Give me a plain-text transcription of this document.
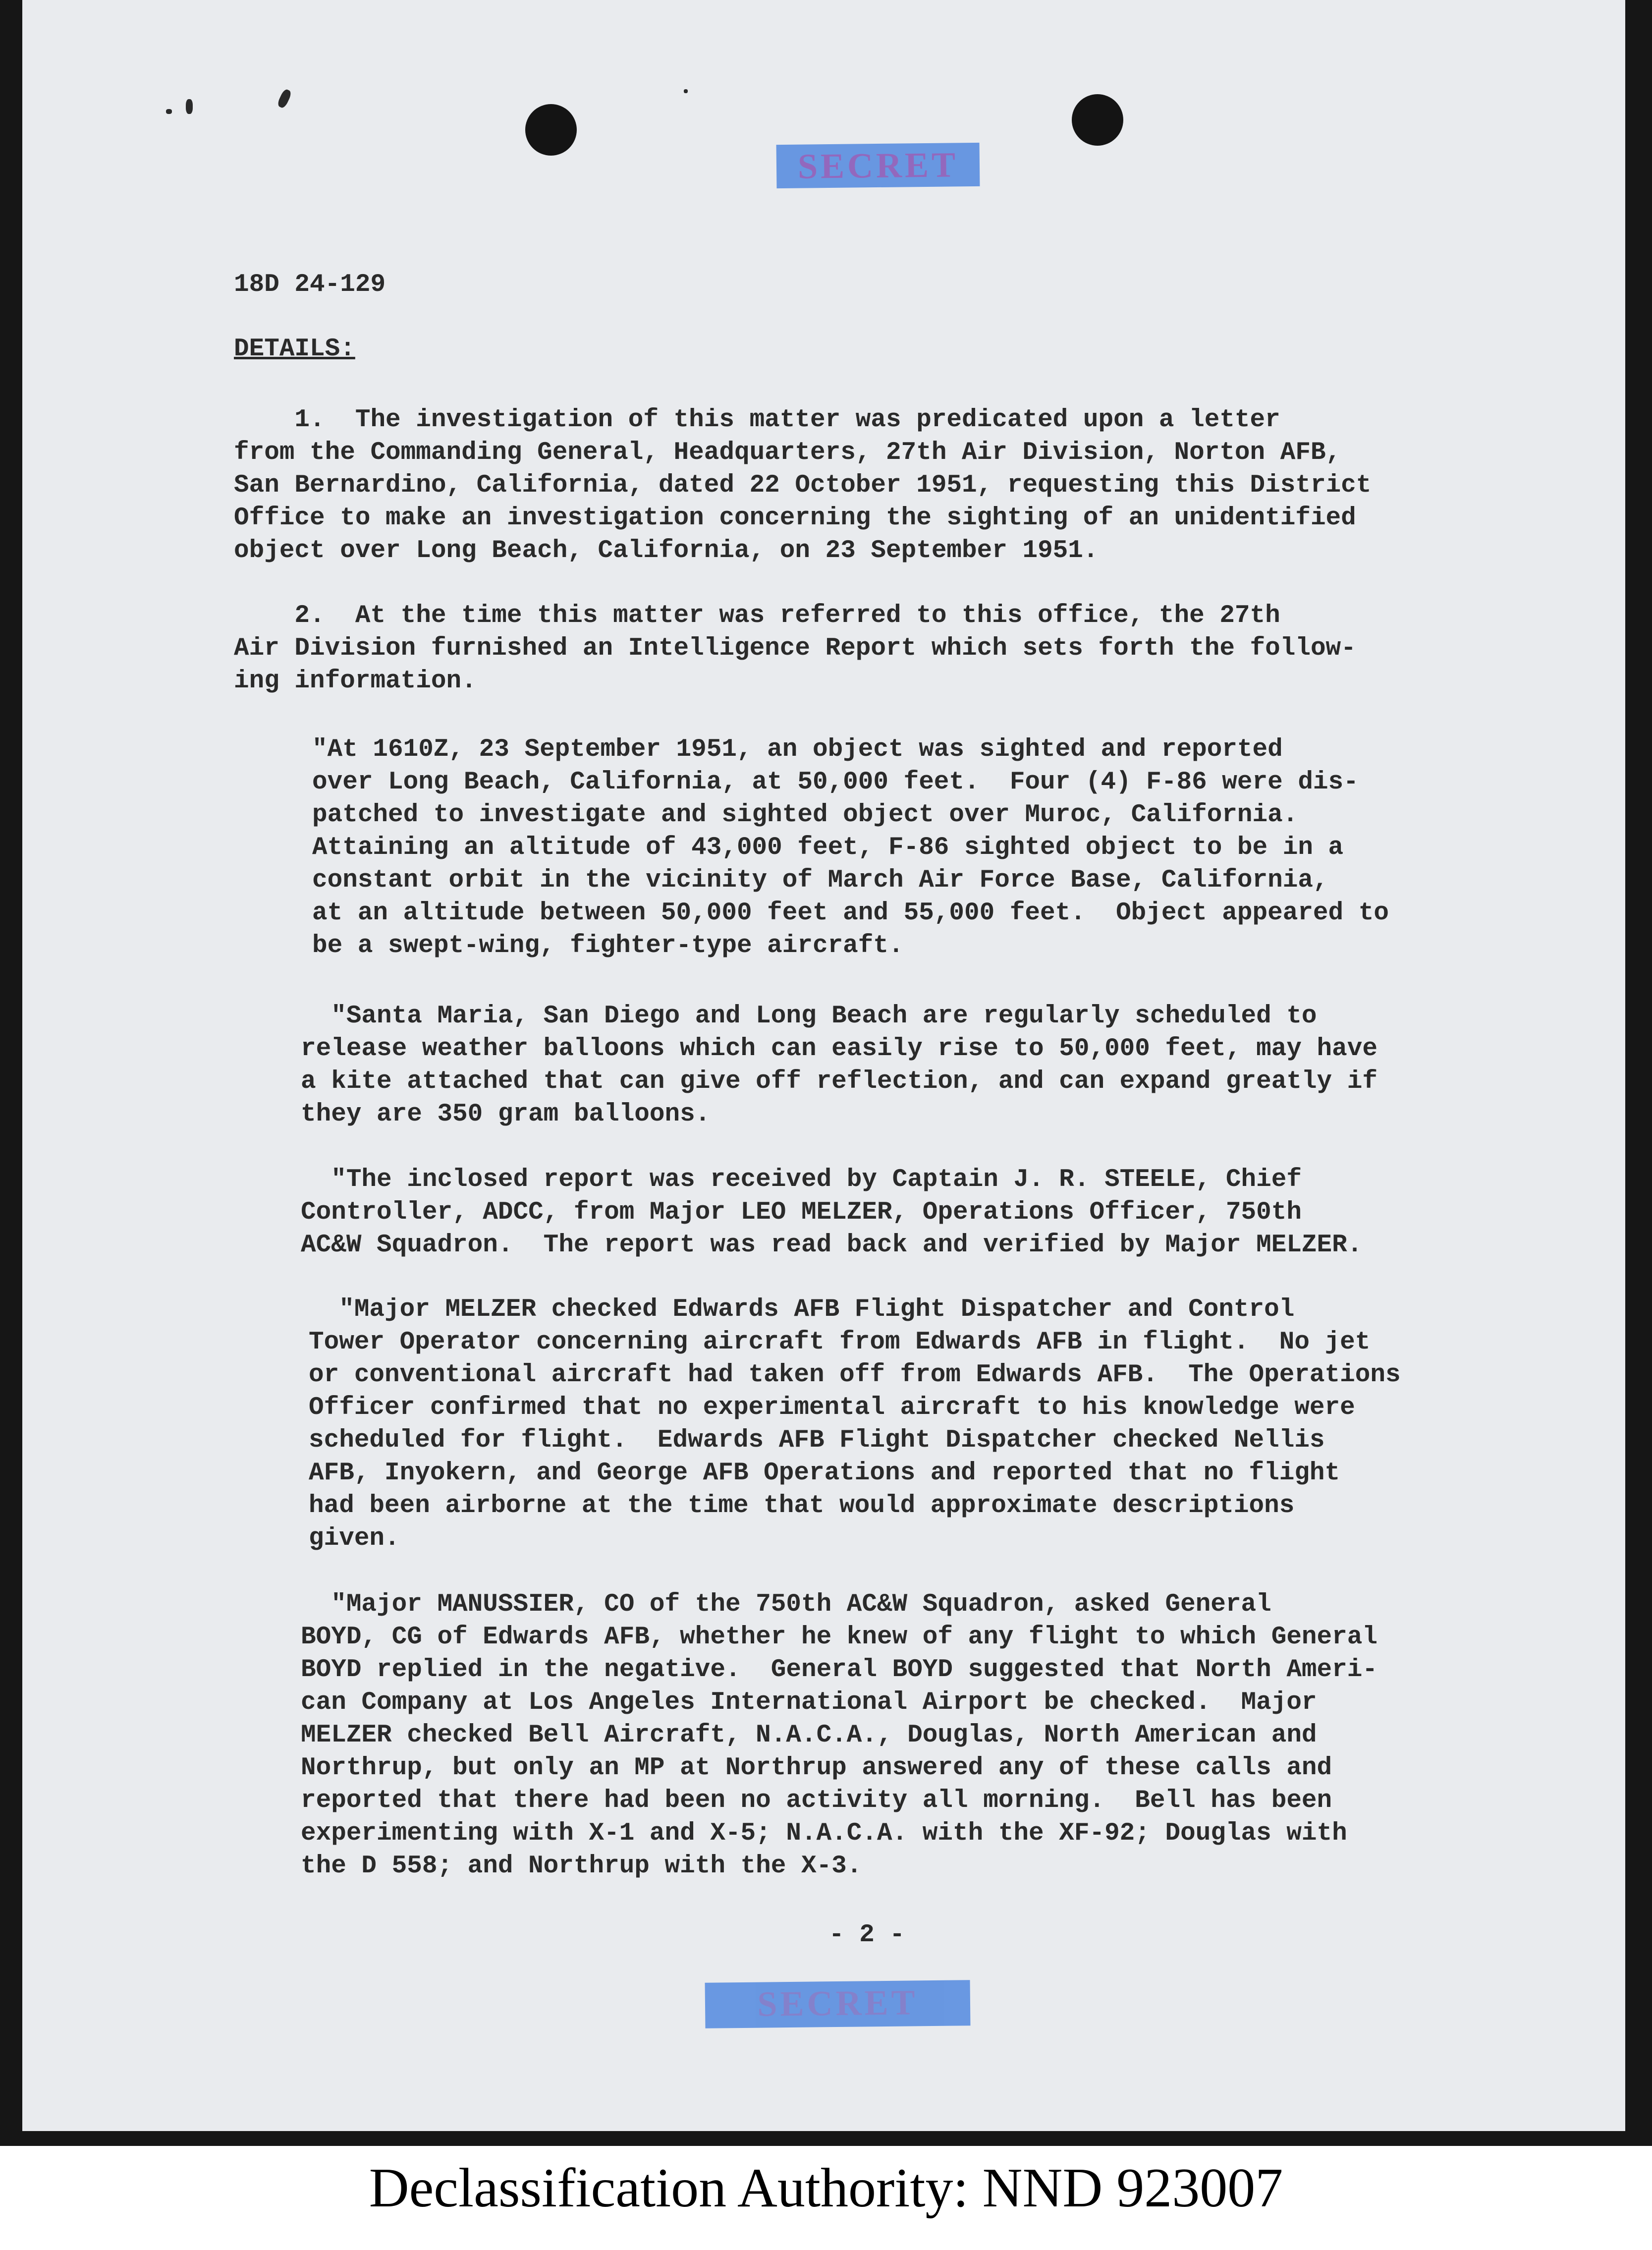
SECRET
18D 24-129
DETAILS:
1.  The investigation of this matter was predicated upon a letter
from the Commanding General, Headquarters, 27th Air Division, Norton AFB,
San Bernardino, California, dated 22 October 1951, requesting this District
Office to make an investigation concerning the sighting of an unidentified
object over Long Beach, California, on 23 September 1951.
2.  At the time this matter was referred to this office, the 27th
Air Division furnished an Intelligence Report which sets forth the follow-
ing information.
"At 1610Z, 23 September 1951, an object was sighted and reported
over Long Beach, California, at 50,000 feet.  Four (4) F-86 were dis-
patched to investigate and sighted object over Muroc, California.
Attaining an altitude of 43,000 feet, F-86 sighted object to be in a
constant orbit in the vicinity of March Air Force Base, California,
at an altitude between 50,000 feet and 55,000 feet.  Object appeared to
be a swept-wing, fighter-type aircraft.
"Santa Maria, San Diego and Long Beach are regularly scheduled to
release weather balloons which can easily rise to 50,000 feet, may have
a kite attached that can give off reflection, and can expand greatly if
they are 350 gram balloons.
"The inclosed report was received by Captain J. R. STEELE, Chief
Controller, ADCC, from Major LEO MELZER, Operations Officer, 750th
AC&W Squadron.  The report was read back and verified by Major MELZER.
"Major MELZER checked Edwards AFB Flight Dispatcher and Control
Tower Operator concerning aircraft from Edwards AFB in flight.  No jet
or conventional aircraft had taken off from Edwards AFB.  The Operations
Officer confirmed that no experimental aircraft to his knowledge were
scheduled for flight.  Edwards AFB Flight Dispatcher checked Nellis
AFB, Inyokern, and George AFB Operations and reported that no flight
had been airborne at the time that would approximate descriptions
given.
"Major MANUSSIER, CO of the 750th AC&W Squadron, asked General
BOYD, CG of Edwards AFB, whether he knew of any flight to which General
BOYD replied in the negative.  General BOYD suggested that North Ameri-
can Company at Los Angeles International Airport be checked.  Major
MELZER checked Bell Aircraft, N.A.C.A., Douglas, North American and
Northrup, but only an MP at Northrup answered any of these calls and
reported that there had been no activity all morning.  Bell has been
experimenting with X-1 and X-5; N.A.C.A. with the XF-92; Douglas with
the D 558; and Northrup with the X-3.
- 2 -
SECRET
Declassification Authority: NND 923007
